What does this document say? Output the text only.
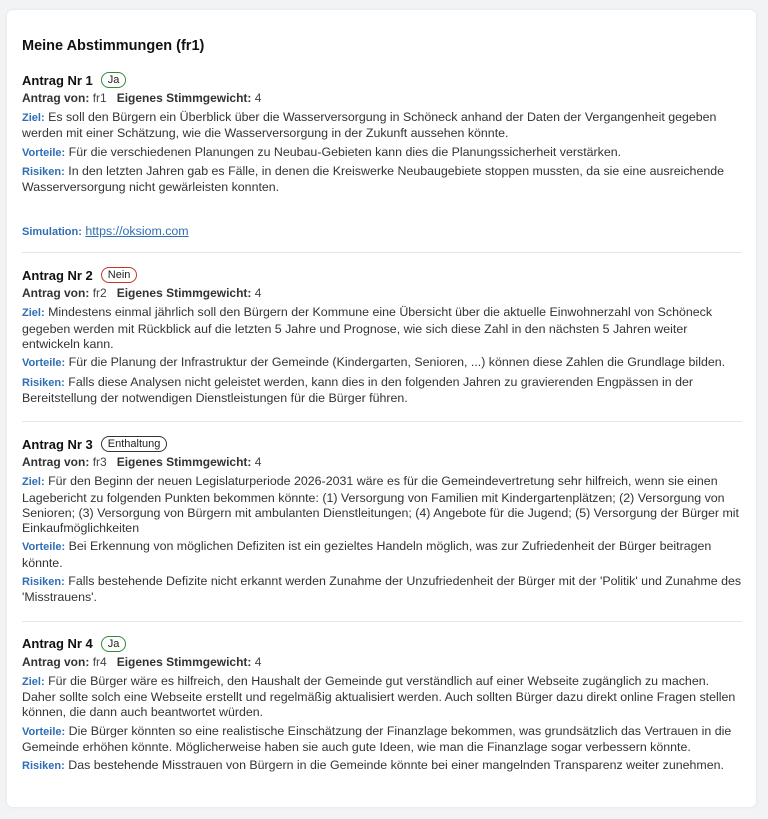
Meine Abstimmungen (fr1)
Antrag Nr 1	Ja
Antrag von: fr1 Eigenes Stimmgewicht: 4
Ziel: Es soll den Bürgern ein Überblick über die Wasserversorgung in Schöneck anhand der Daten der Vergangenheit gegeben werden mit einer Schätzung, wie die Wasserversorgung in der Zukunft aussehen könnte.
Vorteile: Für die verschiedenen Planungen zu Neubau-Gebieten kann dies die Planungssicherheit verstärken.
Risiken: In den letzten Jahren gab es Fälle, in denen die Kreiswerke Neubaugebiete stoppen mussten, da sie eine ausreichende Wasserversorgung nicht gewärleisten konnten.
Simulation: https://oksiom.com
Antrag Nr 2	Nein
Antrag von: fr2 Eigenes Stimmgewicht: 4
Ziel: Mindestens einmal jährlich soll den Bürgern der Kommune eine Übersicht über die aktuelle Einwohnerzahl von Schöneck gegeben werden mit Rückblick auf die letzten 5 Jahre und Prognose, wie sich diese Zahl in den nächsten 5 Jahren weiter entwickeln kann.
Vorteile: Für die Planung der Infrastruktur der Gemeinde (Kindergarten, Senioren, ...) können diese Zahlen die Grundlage bilden.
Risiken: Falls diese Analysen nicht geleistet werden, kann dies in den folgenden Jahren zu gravierenden Engpässen in der Bereitstellung der notwendigen Dienstleistungen für die Bürger führen.
Antrag Nr 3	Enthaltung
Antrag von: fr3 Eigenes Stimmgewicht: 4
Ziel: Für den Beginn der neuen Legislaturperiode 2026-2031 wäre es für die Gemeindevertretung sehr hilfreich, wenn sie einen Lagebericht zu folgenden Punkten bekommen könnte: (1) Versorgung von Familien mit Kindergartenplätzen; (2) Versorgung von Senioren; (3) Versorgung von Bürgern mit ambulanten Dienstleitungen; (4) Angebote für die Jugend; (5) Versorgung der Bürger mit Einkaufmöglichkeiten
Vorteile: Bei Erkennung von möglichen Defiziten ist ein gezieltes Handeln möglich, was zur Zufriedenheit der Bürger beitragen könnte.
Risiken: Falls bestehende Defizite nicht erkannt werden Zunahme der Unzufriedenheit der Bürger mit der 'Politik' und Zunahme des 'Misstrauens'.
Antrag Nr 4	Ja
Antrag von: fr4 Eigenes Stimmgewicht: 4
Ziel: Für die Bürger wäre es hilfreich, den Haushalt der Gemeinde gut verständlich auf einer Webseite zugänglich zu machen. Daher sollte solch eine Webseite erstellt und regelmäßig aktualisiert werden. Auch sollten Bürger dazu direkt online Fragen stellen können, die dann auch beantwortet würden.
Vorteile: Die Bürger könnten so eine realistische Einschätzung der Finanzlage bekommen, was grundsätzlich das Vertrauen in die Gemeinde erhöhen könnte. Möglicherweise haben sie auch gute Ideen, wie man die Finanzlage sogar verbessern könnte.
Risiken: Das bestehende Misstrauen von Bürgern in die Gemeinde könnte bei einer mangelnden Transparenz weiter zunehmen.
